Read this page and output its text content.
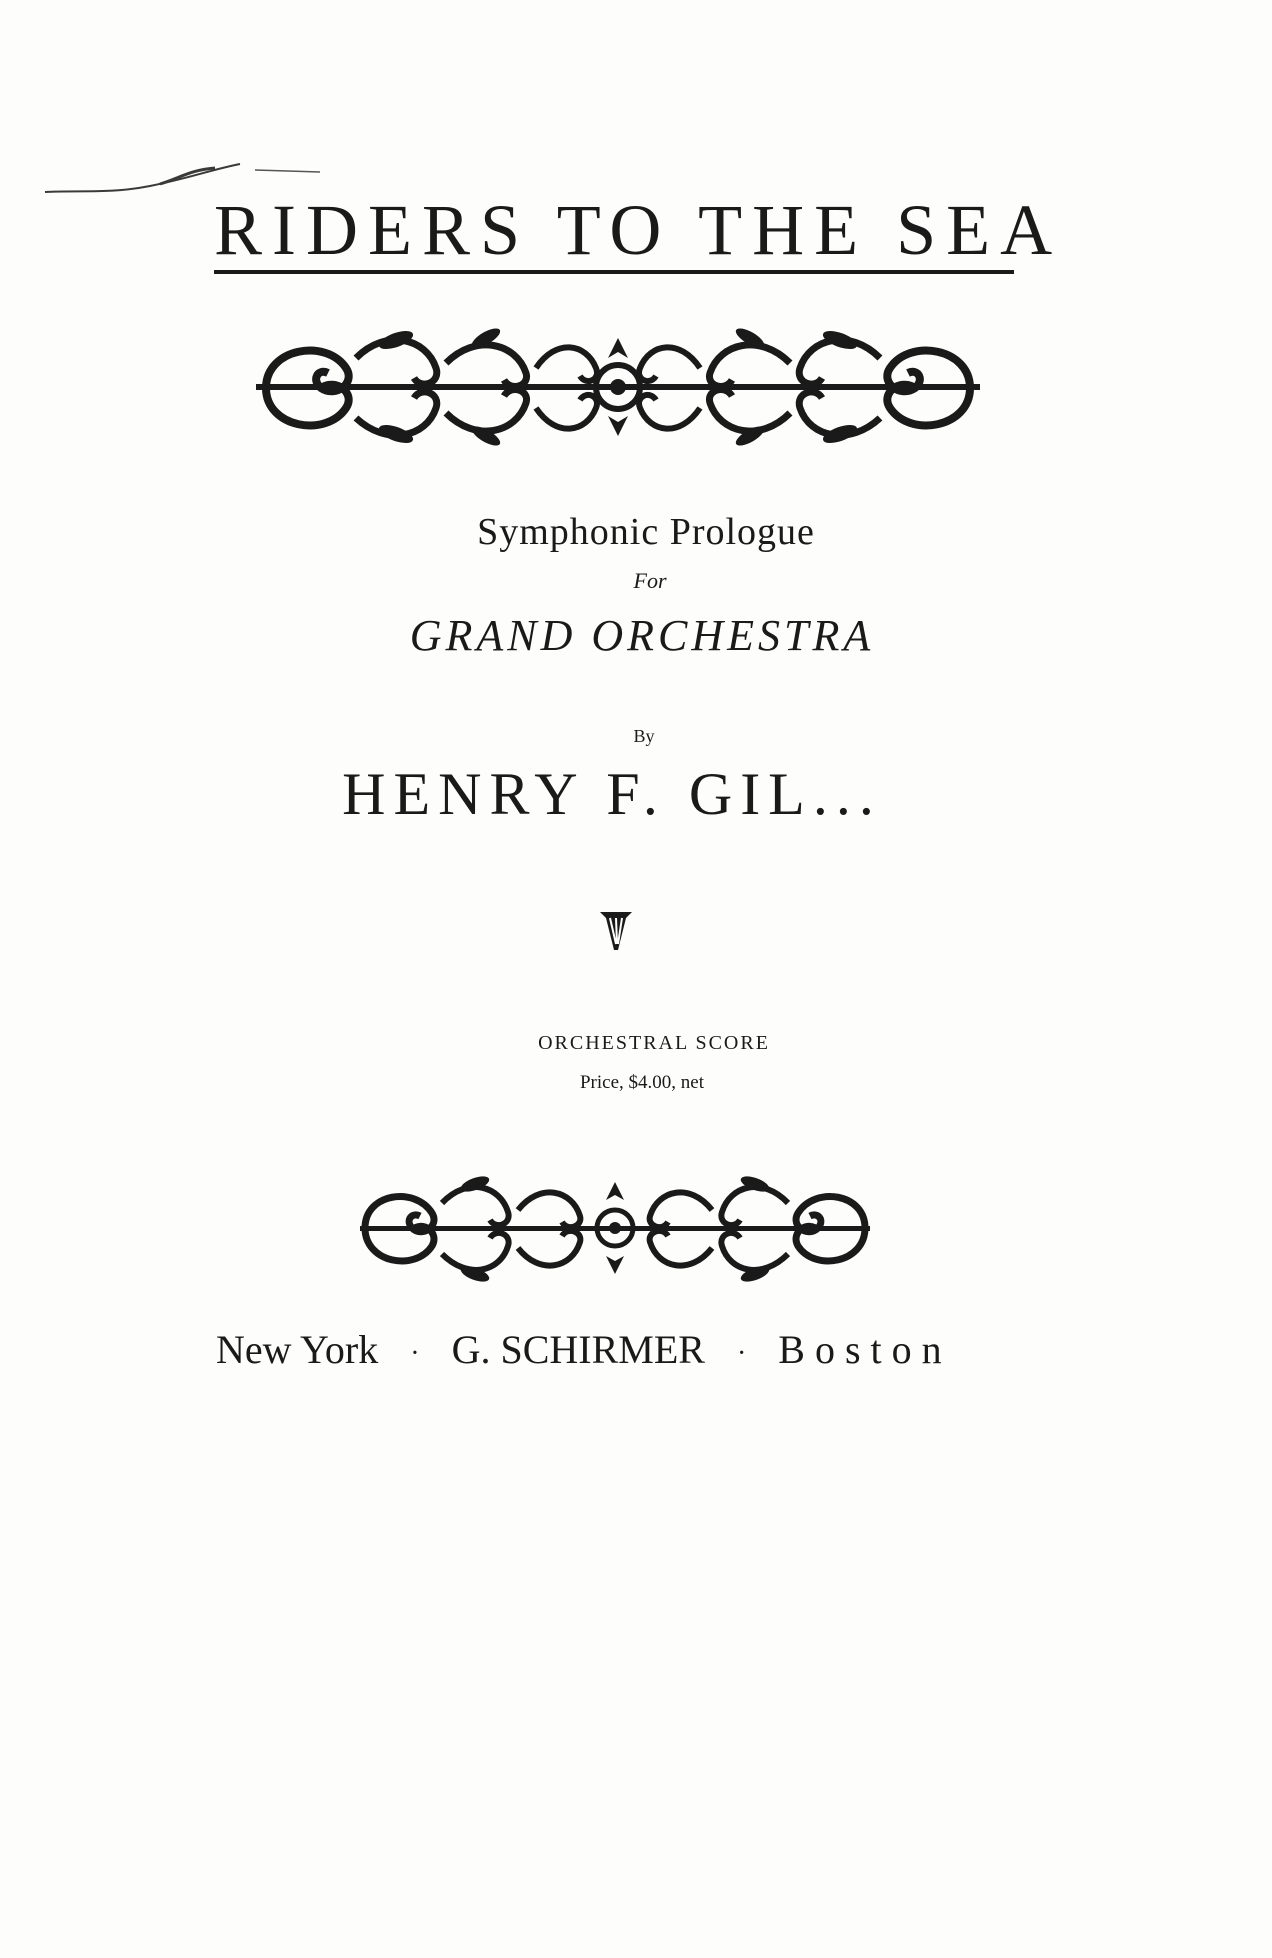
RIDERS TO THE SEA
Symphonic Prologue
For
GRAND ORCHESTRA
By
HENRY F. GIL...
ORCHESTRAL SCORE
Price, $4.00, net
New York · G. SCHIRMER · Boston
